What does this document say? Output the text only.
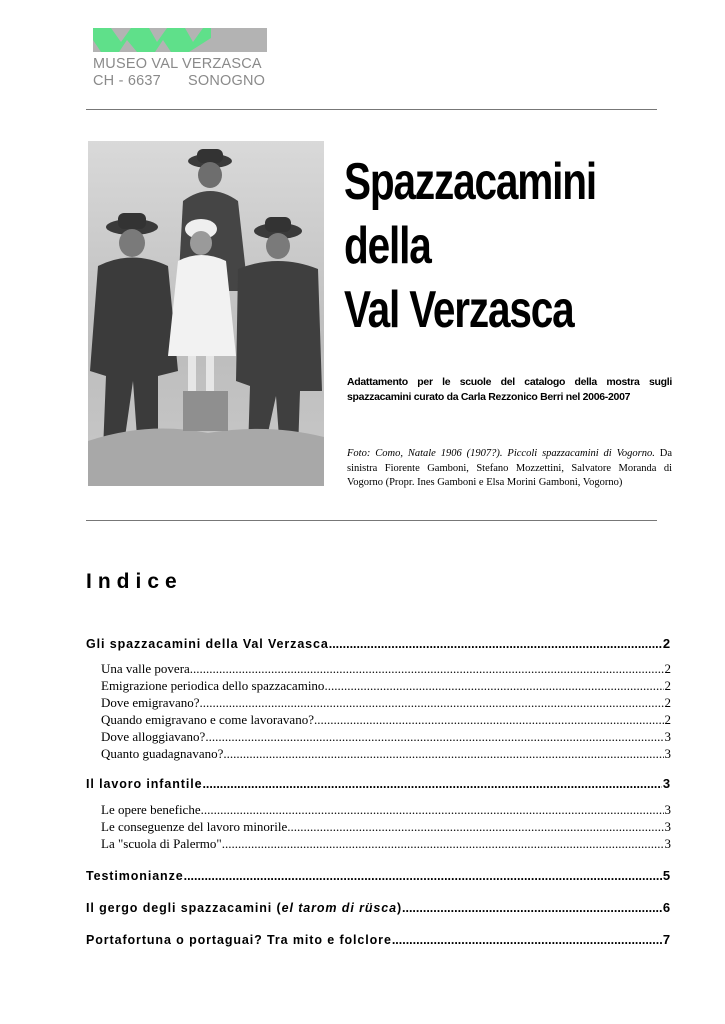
MUSEO VAL VERZASCA
CH - 6637 SONOGNO
Spazzacamini
della
Val Verzasca
Adattamento per le scuole del catalogo della mostra sugli spazzacamini curato da Carla Rezzonico Berri nel 2006-2007
Foto: Como, Natale 1906 (1907?). Piccoli spazzacamini di Vogorno. Da sinistra Fiorente Gamboni, Stefano Mozzettini, Salvatore Moranda di Vogorno (Propr. Ines Gamboni e Elsa Morini Gamboni, Vogorno)
Indice
Gli spazzacamini della Val Verzasca .....	2
Una valle povera .....	2
Emigrazione periodica dello spazzacamino .....	2
Dove emigravano? .....	2
Quando emigravano e come lavoravano? .....	2
Dove alloggiavano? .....	3
Quanto guadagnavano? .....	3
Il lavoro infantile .....	3
Le opere benefiche .....	3
Le conseguenze del lavoro minorile .....	3
La "scuola di Palermo" .....	3
Testimonianze .....	5
Il gergo degli spazzacamini (el tarom di rüsca) .....	6
Portafortuna o portaguai? Tra mito e folclore .....	7
